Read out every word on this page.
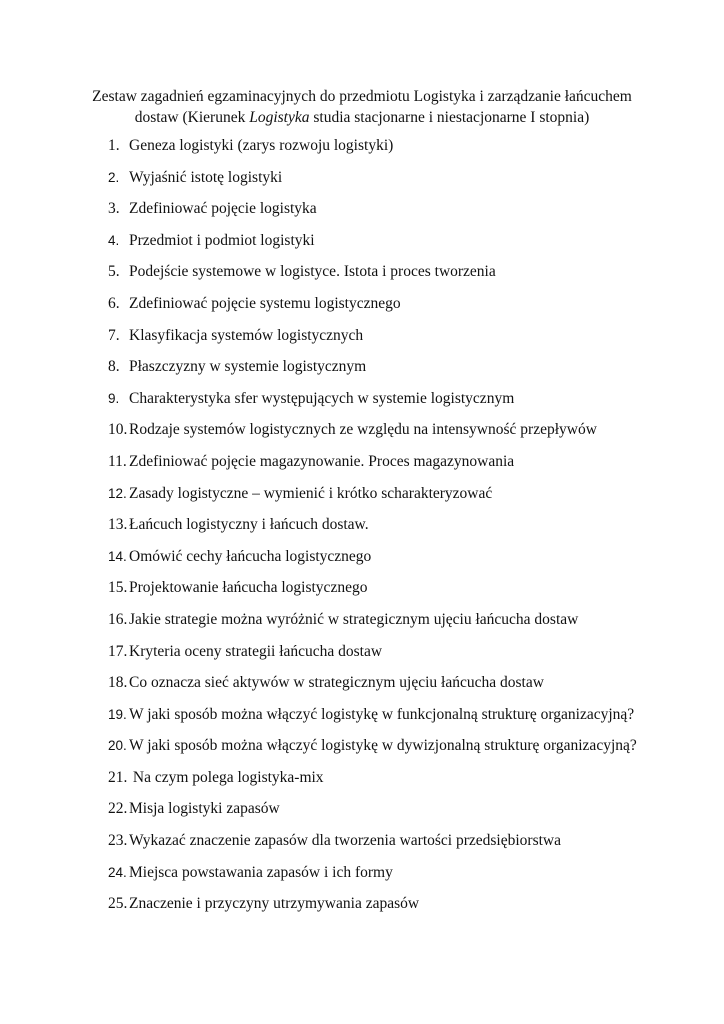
Zestaw zagadnień egzaminacyjnych do przedmiotu Logistyka i zarządzanie łańcuchem
dostaw (Kierunek Logistyka studia stacjonarne i niestacjonarne I stopnia)
1. Geneza logistyki (zarys rozwoju logistyki)
2. Wyjaśnić istotę logistyki
3. Zdefiniować pojęcie logistyka
4. Przedmiot i podmiot logistyki
5. Podejście systemowe w logistyce. Istota i proces tworzenia
6. Zdefiniować pojęcie systemu logistycznego
7. Klasyfikacja systemów logistycznych
8. Płaszczyzny w systemie logistycznym
9. Charakterystyka sfer występujących w systemie logistycznym
10. Rodzaje systemów logistycznych ze względu na intensywność przepływów
11. Zdefiniować pojęcie magazynowanie. Proces magazynowania
12. Zasady logistyczne – wymienić i krótko scharakteryzować
13. Łańcuch logistyczny i łańcuch dostaw.
14. Omówić cechy łańcucha logistycznego
15. Projektowanie łańcucha logistycznego
16. Jakie strategie można wyróżnić w strategicznym ujęciu łańcucha dostaw
17. Kryteria oceny strategii łańcucha dostaw
18. Co oznacza sieć aktywów w strategicznym ujęciu łańcucha dostaw
19. W jaki sposób można włączyć logistykę w funkcjonalną strukturę organizacyjną?
20. W jaki sposób można włączyć logistykę w dywizjonalną strukturę organizacyjną?
21. Na czym polega logistyka-mix
22. Misja logistyki zapasów
23. Wykazać znaczenie zapasów dla tworzenia wartości przedsiębiorstwa
24. Miejsca powstawania zapasów i ich formy
25. Znaczenie i przyczyny utrzymywania zapasów
